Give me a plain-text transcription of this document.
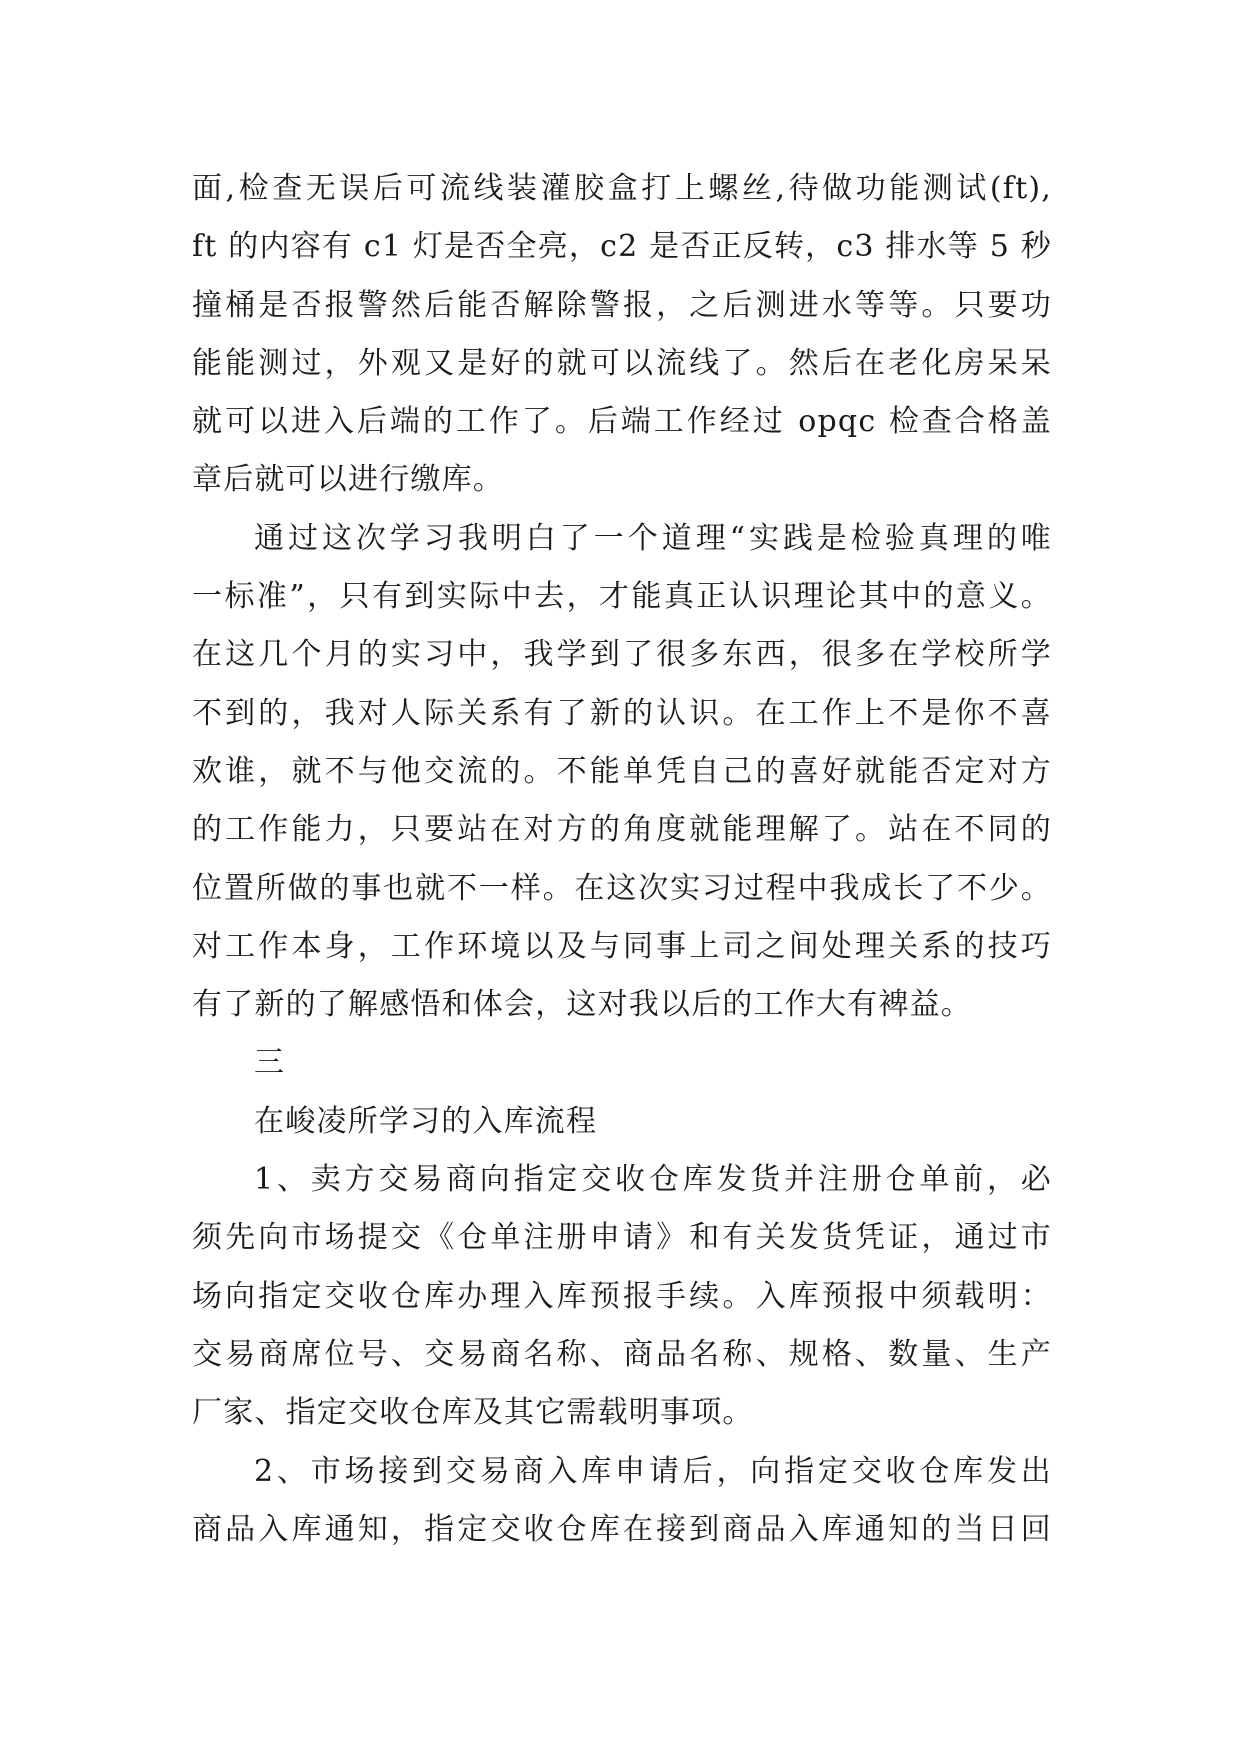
面,检查无误后可流线装灌胶盒打上螺丝,待做功能测试(ft),
ft 的内容有 c1 灯是否全亮，c2 是否正反转，c3 排水等 5 秒
撞桶是否报警然后能否解除警报，之后测进水等等。只要功
能能测过，外观又是好的就可以流线了。然后在老化房呆呆
就可以进入后端的工作了。后端工作经过 opqc 检查合格盖
章后就可以进行缴库。
通过这次学习我明白了一个道理“实践是检验真理的唯
一标准”，只有到实际中去，才能真正认识理论其中的意义。
在这几个月的实习中，我学到了很多东西，很多在学校所学
不到的，我对人际关系有了新的认识。在工作上不是你不喜
欢谁，就不与他交流的。不能单凭自己的喜好就能否定对方
的工作能力，只要站在对方的角度就能理解了。站在不同的
位置所做的事也就不一样。在这次实习过程中我成长了不少。
对工作本身，工作环境以及与同事上司之间处理关系的技巧
有了新的了解感悟和体会，这对我以后的工作大有裨益。
三
在峻凌所学习的入库流程
1、卖方交易商向指定交收仓库发货并注册仓单前，必
须先向市场提交《仓单注册申请》和有关发货凭证，通过市
场向指定交收仓库办理入库预报手续。入库预报中须载明：
交易商席位号、交易商名称、商品名称、规格、数量、生产
厂家、指定交收仓库及其它需载明事项。
2、市场接到交易商入库申请后，向指定交收仓库发出
商品入库通知，指定交收仓库在接到商品入库通知的当日回
